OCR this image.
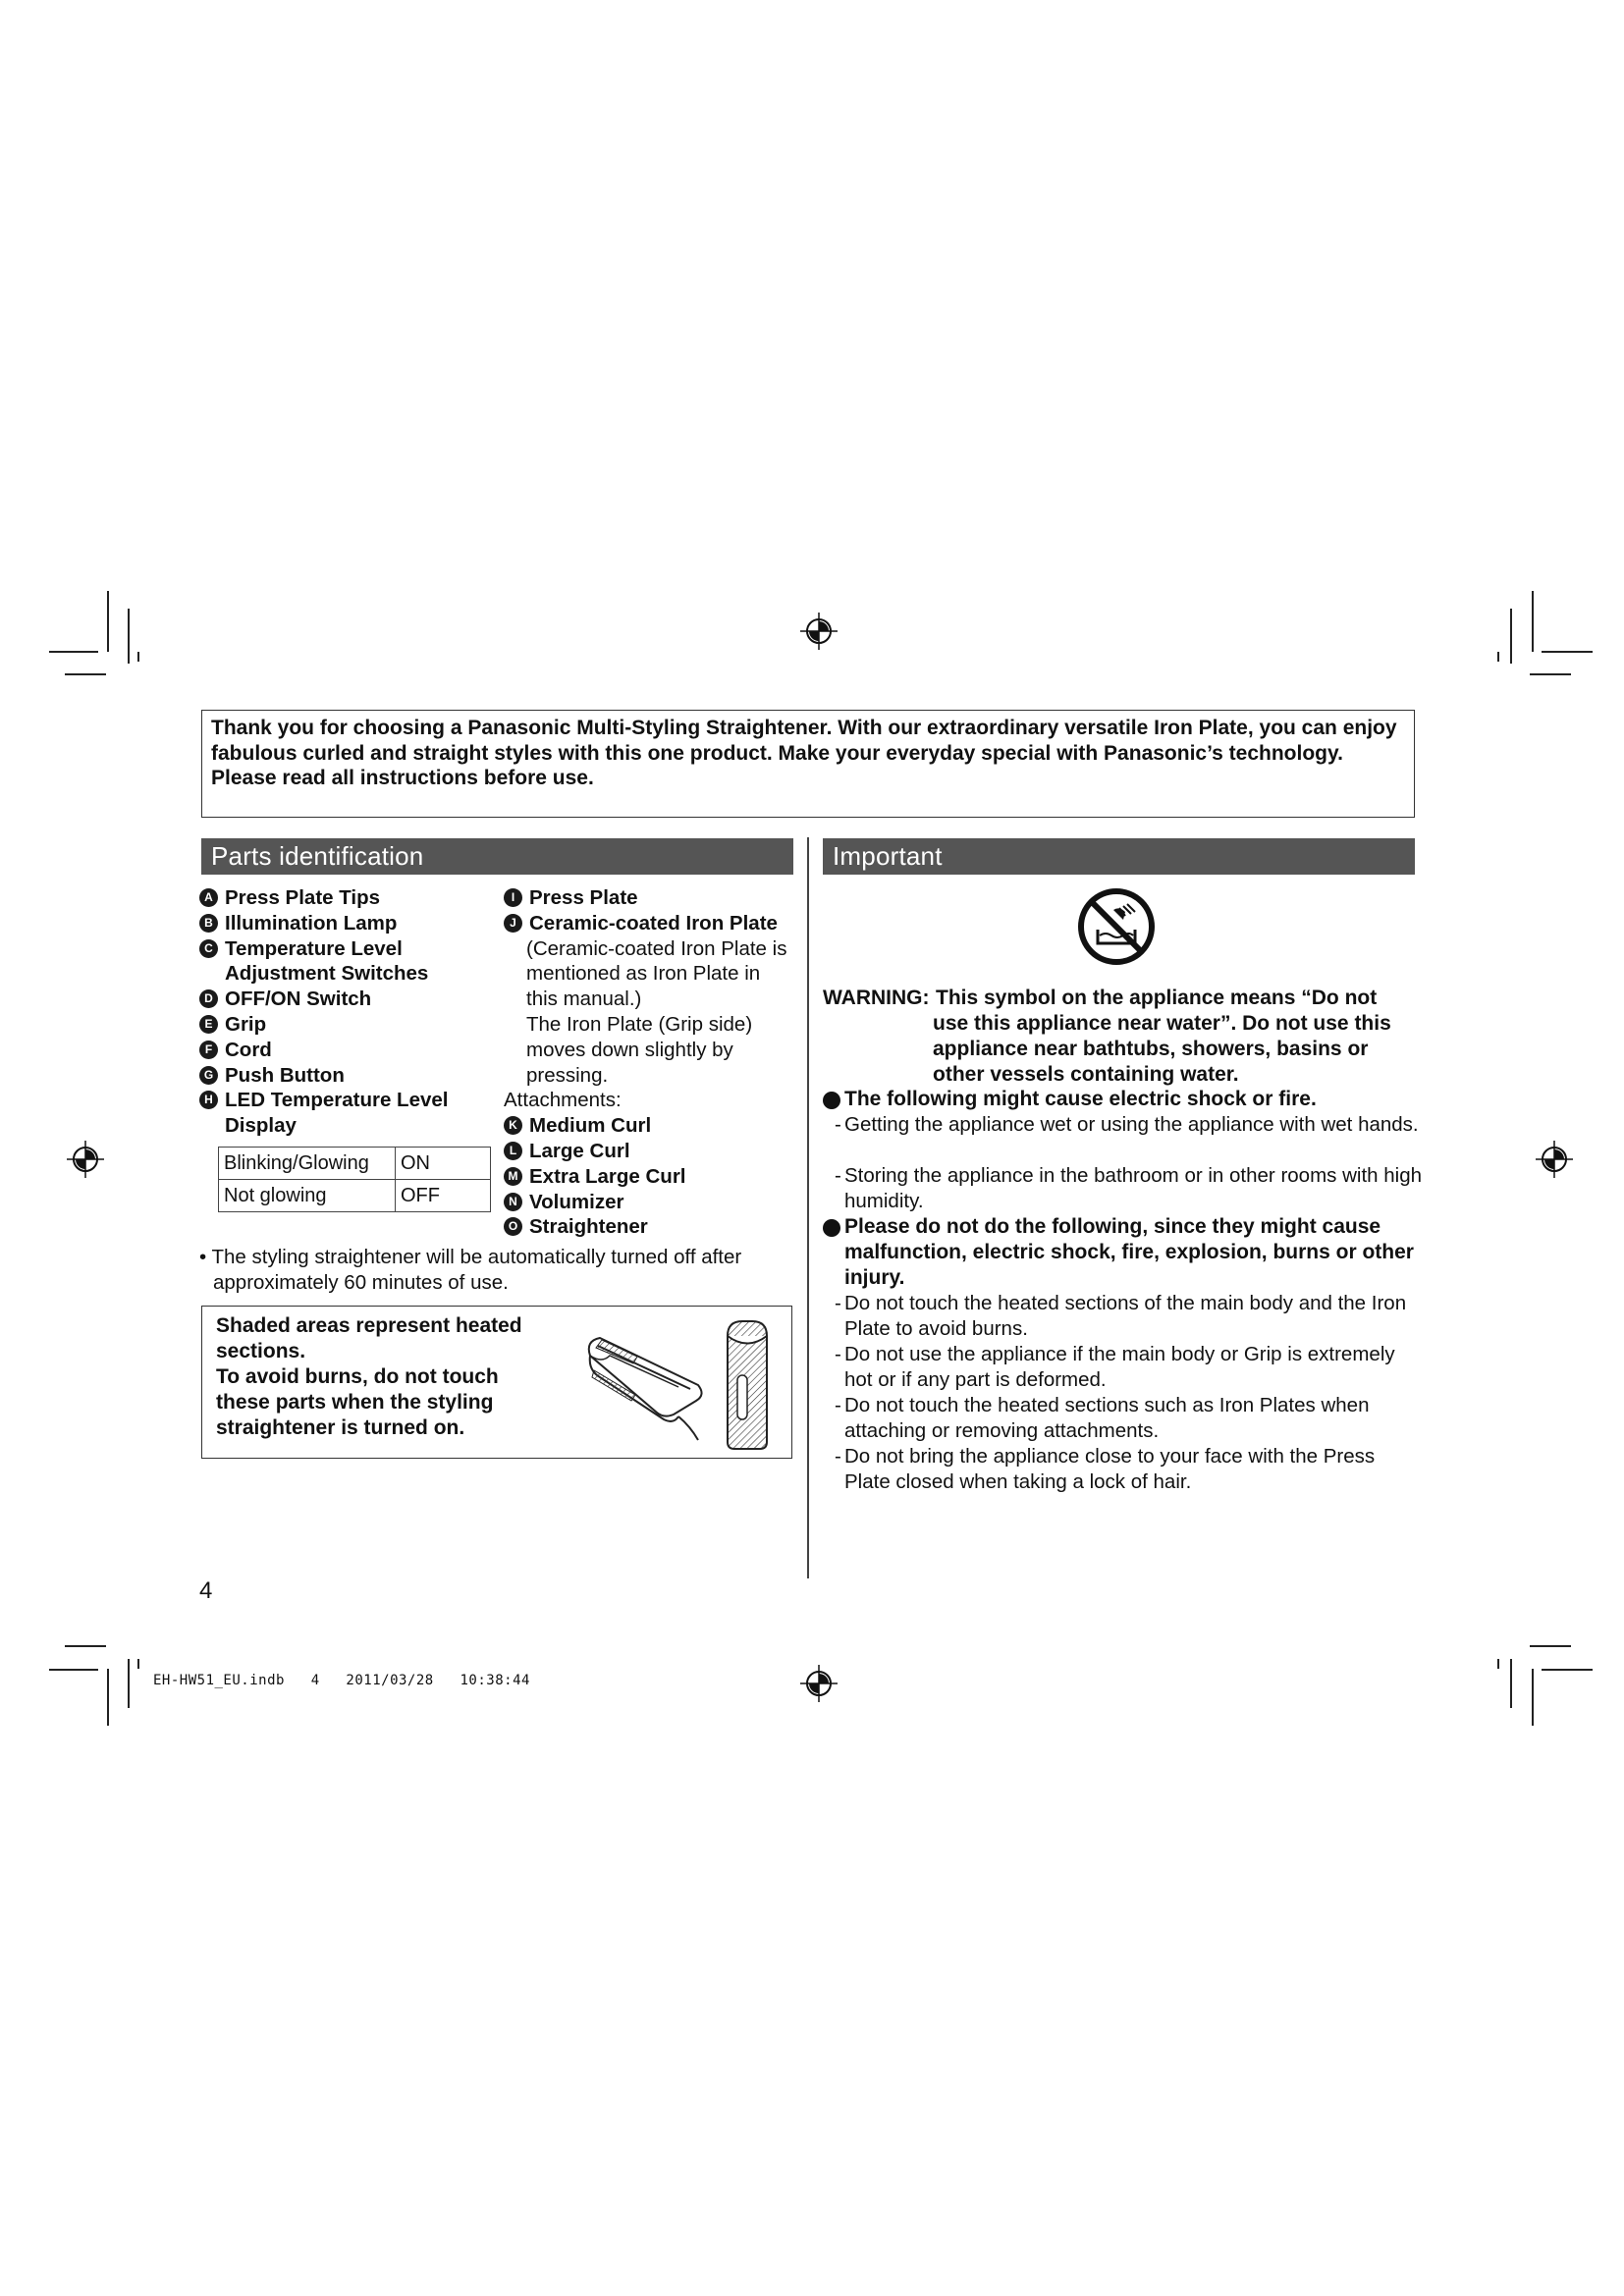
Thank you for choosing a Panasonic Multi-Styling Straightener. With our extraordinary versatile Iron Plate, you can enjoy fabulous curled and straight styles with this one product. Make your everyday special with Panasonic’s technology.

Please read all instructions before use.

Parts identification	Important
A Press Plate Tips
B Illumination Lamp
C Temperature Level Adjustment Switches
D OFF/ON Switch
E Grip
F Cord
G Push Button
H LED Temperature Level Display
Blinking/Glowing	ON
Not glowing	OFF
I Press Plate
J Ceramic-coated Iron Plate
(Ceramic-coated Iron Plate is mentioned as Iron Plate in this manual.)
The Iron Plate (Grip side) moves down slightly by pressing.
Attachments:
K Medium Curl
L Large Curl
M Extra Large Curl
N Volumizer
O Straightener
• The styling straightener will be automatically turned off after approximately 60 minutes of use.
Shaded areas represent heated sections.
To avoid burns, do not touch these parts when the styling straightener is turned on.
WARNING: This symbol on the appliance means “Do not
use this appliance near water”. Do not use this appliance near bathtubs, showers, basins or other vessels containing water.
The following might cause electric shock or fire.
- Getting the appliance wet or using the appliance with wet hands.
- Storing the appliance in the bathroom or in other rooms with high humidity.
Please do not do the following, since they might cause malfunction, electric shock, fire, explosion, burns or other injury.
- Do not touch the heated sections of the main body and the Iron Plate to avoid burns.
- Do not use the appliance if the main body or Grip is extremely hot or if any part is deformed.
- Do not touch the heated sections such as Iron Plates when attaching or removing attachments.
- Do not bring the appliance close to your face with the Press Plate closed when taking a lock of hair.
4
EH-HW51_EU.indb   4   2011/03/28   10:38:44
